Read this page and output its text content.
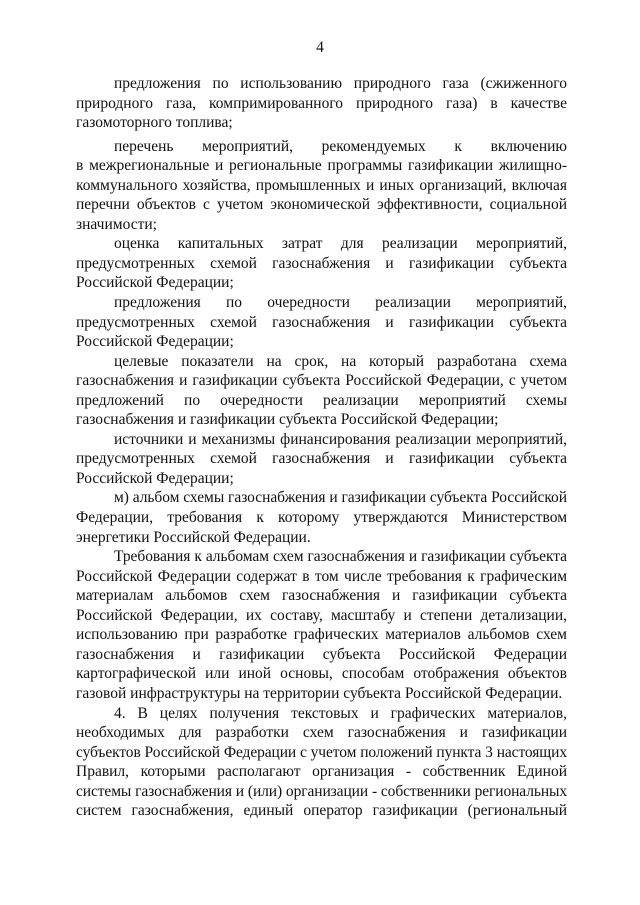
4
предложения по использованию природного газа (сжиженного
природного газа, компримированного природного газа) в качестве
газомоторного топлива;
перечень мероприятий, рекомендуемых к включению
в межрегиональные и региональные программы газификации жилищно-
коммунального хозяйства, промышленных и иных организаций, включая
перечни объектов с учетом экономической эффективности, социальной
значимости;
оценка капитальных затрат для реализации мероприятий,
предусмотренных схемой газоснабжения и газификации субъекта
Российской Федерации;
предложения по очередности реализации мероприятий,
предусмотренных схемой газоснабжения и газификации субъекта
Российской Федерации;
целевые показатели на срок, на который разработана схема
газоснабжения и газификации субъекта Российской Федерации, с учетом
предложений по очередности реализации мероприятий схемы
газоснабжения и газификации субъекта Российской Федерации;
источники и механизмы финансирования реализации мероприятий,
предусмотренных схемой газоснабжения и газификации субъекта
Российской Федерации;
м) альбом схемы газоснабжения и газификации субъекта Российской
Федерации, требования к которому утверждаются Министерством
энергетики Российской Федерации.
Требования к альбомам схем газоснабжения и газификации субъекта
Российской Федерации содержат в том числе требования к графическим
материалам альбомов схем газоснабжения и газификации субъекта
Российской Федерации, их составу, масштабу и степени детализации,
использованию при разработке графических материалов альбомов схем
газоснабжения и газификации субъекта Российской Федерации
картографической или иной основы, способам отображения объектов
газовой инфраструктуры на территории субъекта Российской Федерации.
4. В целях получения текстовых и графических материалов,
необходимых для разработки схем газоснабжения и газификации
субъектов Российской Федерации с учетом положений пункта 3 настоящих
Правил, которыми располагают организация - собственник Единой
системы газоснабжения и (или) организации - собственники региональных
систем газоснабжения, единый оператор газификации (региональный
